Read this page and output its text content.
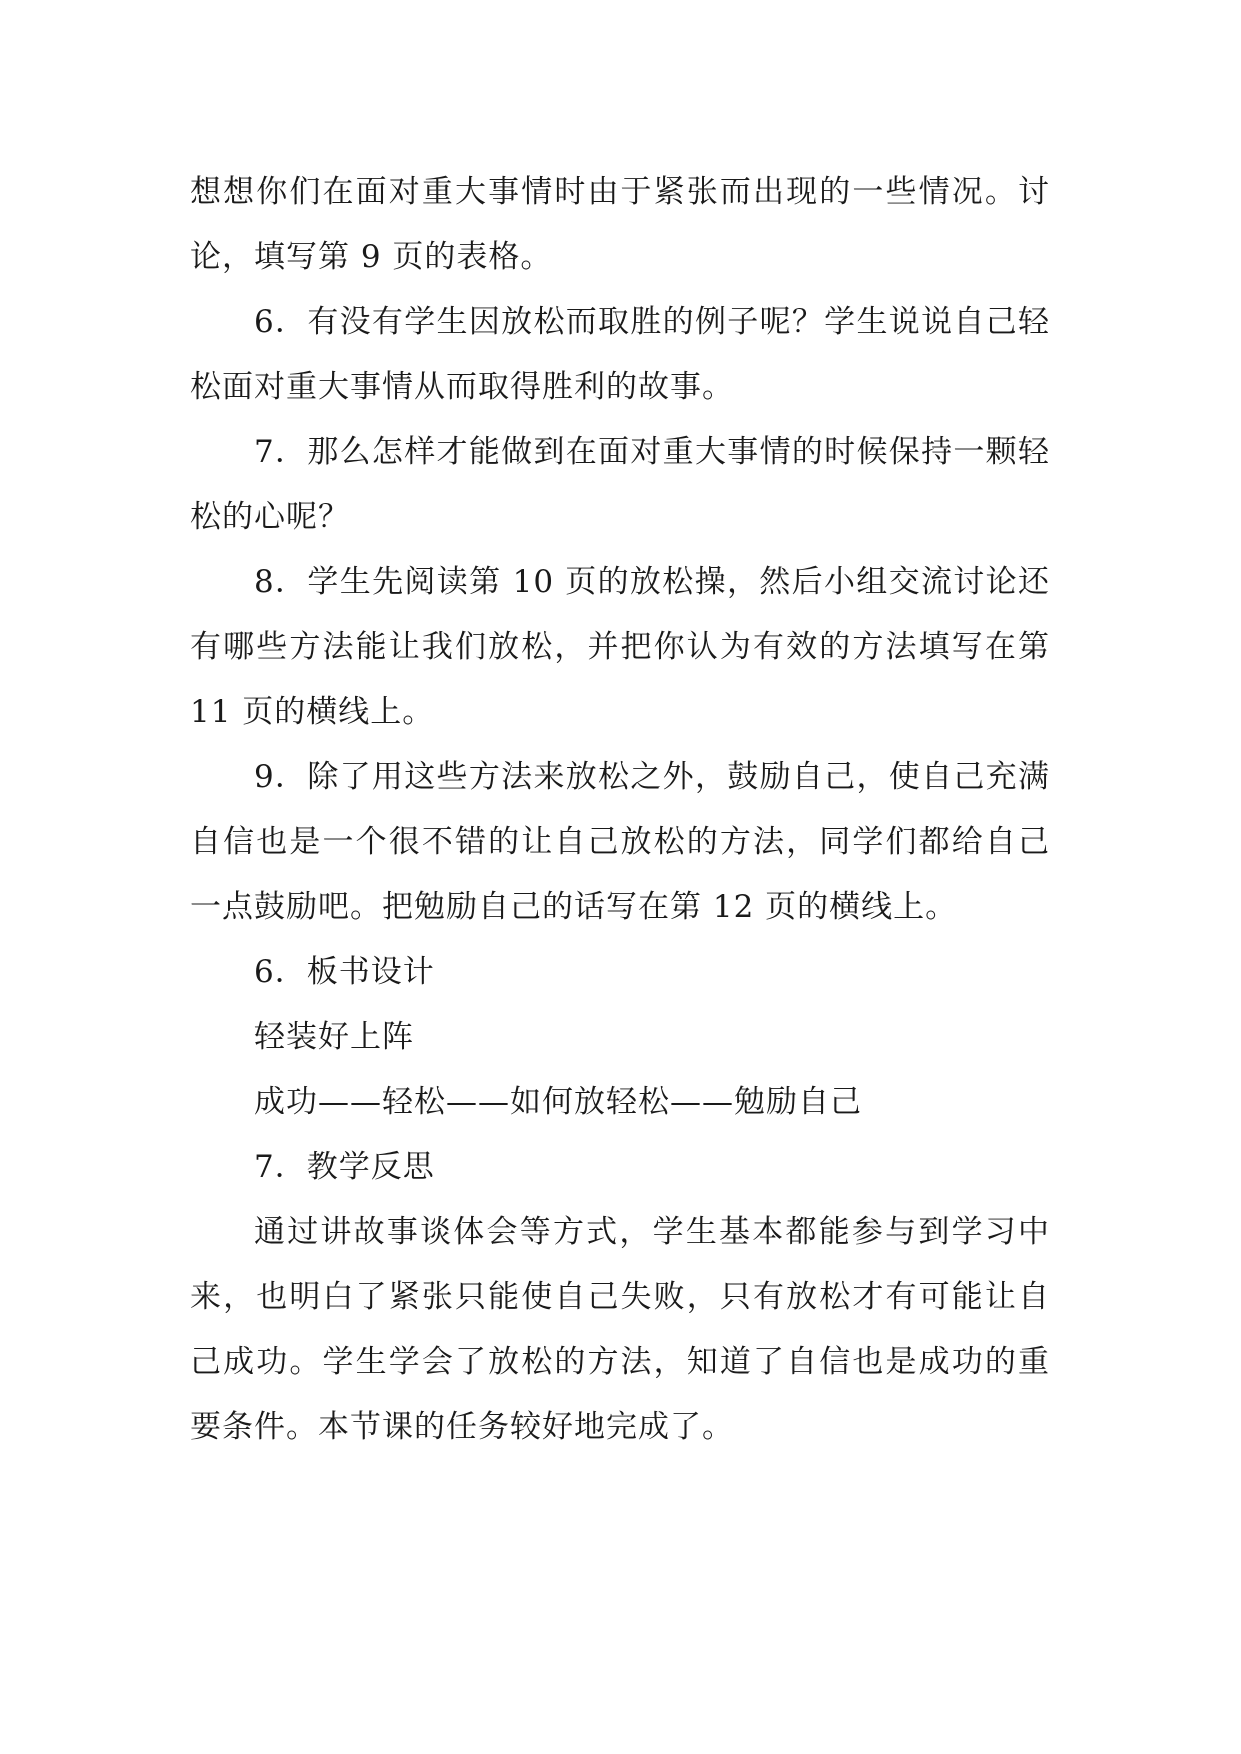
想想你们在面对重大事情时由于紧张而出现的一些情况。讨论，填写第 9 页的表格。

6．有没有学生因放松而取胜的例子呢？学生说说自己轻松面对重大事情从而取得胜利的故事。

7．那么怎样才能做到在面对重大事情的时候保持一颗轻松的心呢？

8．学生先阅读第 10 页的放松操，然后小组交流讨论还有哪些方法能让我们放松，并把你认为有效的方法填写在第 11 页的横线上。

9．除了用这些方法来放松之外，鼓励自己，使自己充满自信也是一个很不错的让自己放松的方法，同学们都给自己一点鼓励吧。把勉励自己的话写在第 12 页的横线上。

6．板书设计

轻装好上阵

成功——轻松——如何放轻松——勉励自己

7．教学反思

通过讲故事谈体会等方式，学生基本都能参与到学习中来，也明白了紧张只能使自己失败，只有放松才有可能让自己成功。学生学会了放松的方法，知道了自信也是成功的重要条件。本节课的任务较好地完成了。
